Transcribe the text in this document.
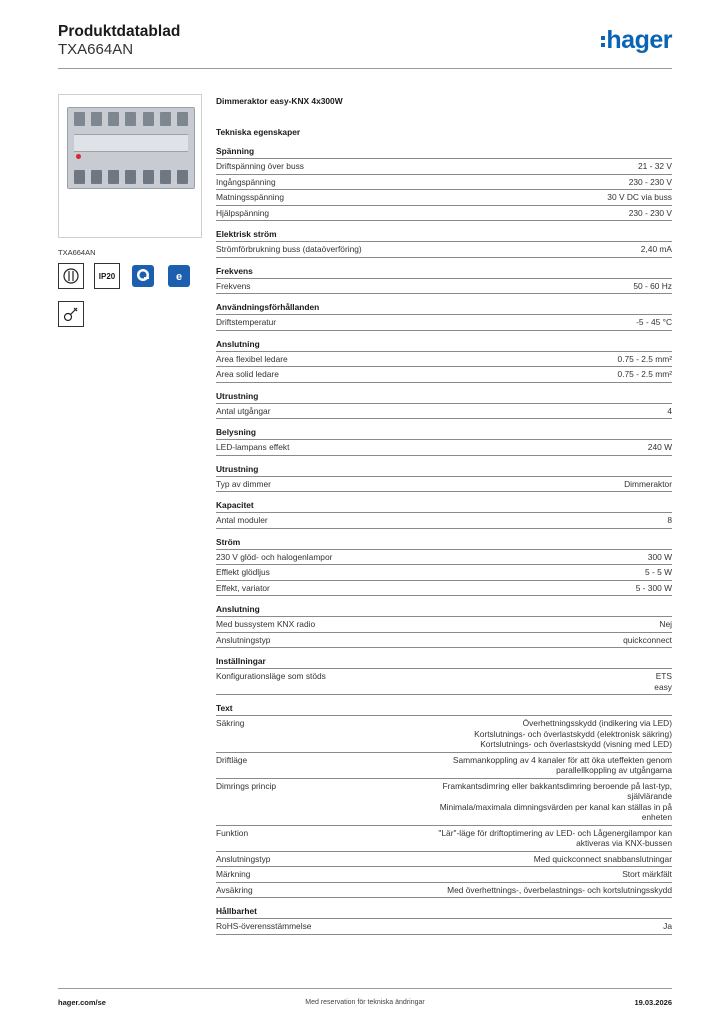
Produktdatablad
TXA664AN	hager
TXA664AN
IP20	e
Dimmeraktor easy-KNX 4x300W
Tekniska egenskaper
Spänning
Driftspänning över buss	21 - 32 V
Ingångspänning	230 - 230 V
Matningsspänning	30 V DC via buss
Hjälpspänning	230 - 230 V
Elektrisk ström
Strömförbrukning buss (dataöverföring)	2,40 mA
Frekvens
Frekvens	50 - 60 Hz
Användningsförhållanden
Driftstemperatur	-5 - 45 °C
Anslutning
Area flexibel ledare	0.75 - 2.5 mm²
Area solid ledare	0.75 - 2.5 mm²
Utrustning
Antal utgångar	4
Belysning
LED-lampans effekt	240 W
Utrustning
Typ av dimmer	Dimmeraktor
Kapacitet
Antal moduler	8
Ström
230 V glöd- och halogenlampor	300 W
Efflekt glödljus	5 - 5 W
Effekt, variator	5 - 300 W
Anslutning
Med bussystem KNX radio	Nej
Anslutningstyp	quickconnect
Inställningar
Konfigurationsläge som stöds	ETS
easy
Text
Säkring	Överhettningsskydd (indikering via LED)
Kortslutnings- och överlastskydd (elektronisk säkring)
Kortslutnings- och överlastskydd (visning med LED)
Driftläge	Sammankoppling av 4 kanaler för att öka uteffekten genom
parallellkoppling av utgångarna
Dimrings princip	Framkantsdimring eller bakkantsdimring beroende på last-typ,
självlärande
Minimala/maximala dimningsvärden per kanal kan ställas in på
enheten
Funktion	"Lär"-läge för driftoptimering av LED- och Lågenergilampor kan
aktiveras via KNX-bussen
Anslutningstyp	Med quickconnect snabbanslutningar
Märkning	Stort märkfält
Avsäkring	Med överhettnings-, överbelastnings- och kortslutningsskydd
Hållbarhet
RoHS-överensstämmelse	Ja
hager.com/se	Med reservation för tekniska ändringar	19.03.2026
